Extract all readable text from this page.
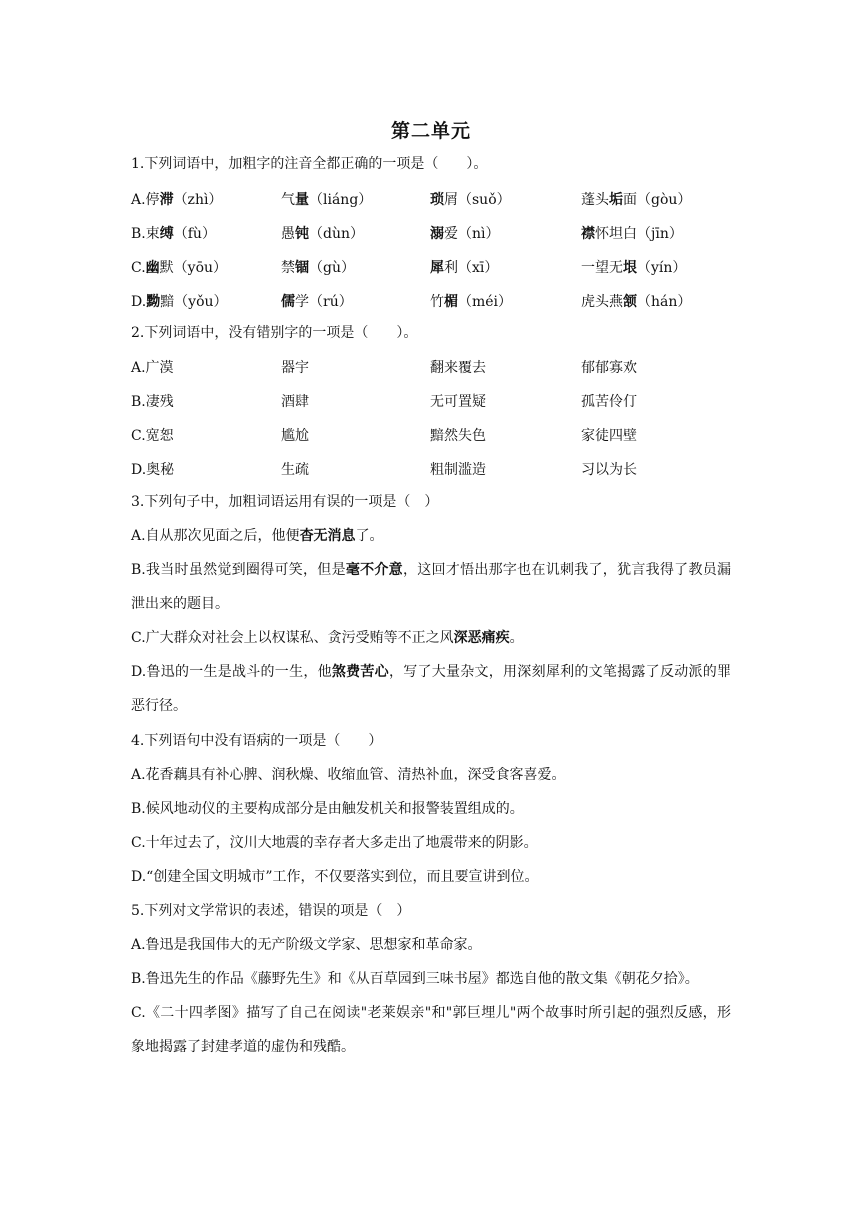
第二单元
1.下列词语中，加粗字的注音全都正确的一项是（　　）。
A.停滞（zhì）	气量（liáng）	琐屑（suǒ）	蓬头垢面（gòu）
B.束缚（fù）	愚钝（dùn）	溺爱（nì）	襟怀坦白（jīn）
C.幽默（yōu）	禁锢（gù）	犀利（xī）	一望无垠（yín）
D.黝黯（yǒu）	儒学（rú）	竹楣（méi）	虎头燕颔（hán）
2.下列词语中，没有错别字的一项是（　　）。
A.广漠	器宇	翻来覆去	郁郁寡欢
B.凄残	酒肆	无可置疑	孤苦伶仃
C.宽恕	尴尬	黯然失色	家徒四壁
D.奥秘	生疏	粗制滥造	习以为长
3.下列句子中，加粗词语运用有误的一项是（　）
A.自从那次见面之后，他便杳无消息了。
B.我当时虽然觉到圈得可笑，但是毫不介意，这回才悟出那字也在讥刺我了，犹言我得了教员漏泄出来的题目。
C.广大群众对社会上以权谋私、贪污受贿等不正之风深恶痛疾。
D.鲁迅的一生是战斗的一生，他煞费苦心，写了大量杂文，用深刻犀利的文笔揭露了反动派的罪恶行径。
4.下列语句中没有语病的一项是（　　）
A.花香藕具有补心脾、润秋燥、收缩血管、清热补血，深受食客喜爱。
B.候风地动仪的主要构成部分是由触发机关和报警装置组成的。
C.十年过去了，汶川大地震的幸存者大多走出了地震带来的阴影。
D.“创建全国文明城市”工作，不仅要落实到位，而且要宣讲到位。
5.下列对文学常识的表述，错误的项是（　）
A.鲁迅是我国伟大的无产阶级文学家、思想家和革命家。
B.鲁迅先生的作品《藤野先生》和《从百草园到三味书屋》都选自他的散文集《朝花夕拾》。
C.《二十四孝图》描写了自己在阅读"老莱娱亲"和"郭巨埋儿"两个故事时所引起的强烈反感，形象地揭露了封建孝道的虚伪和残酷。
